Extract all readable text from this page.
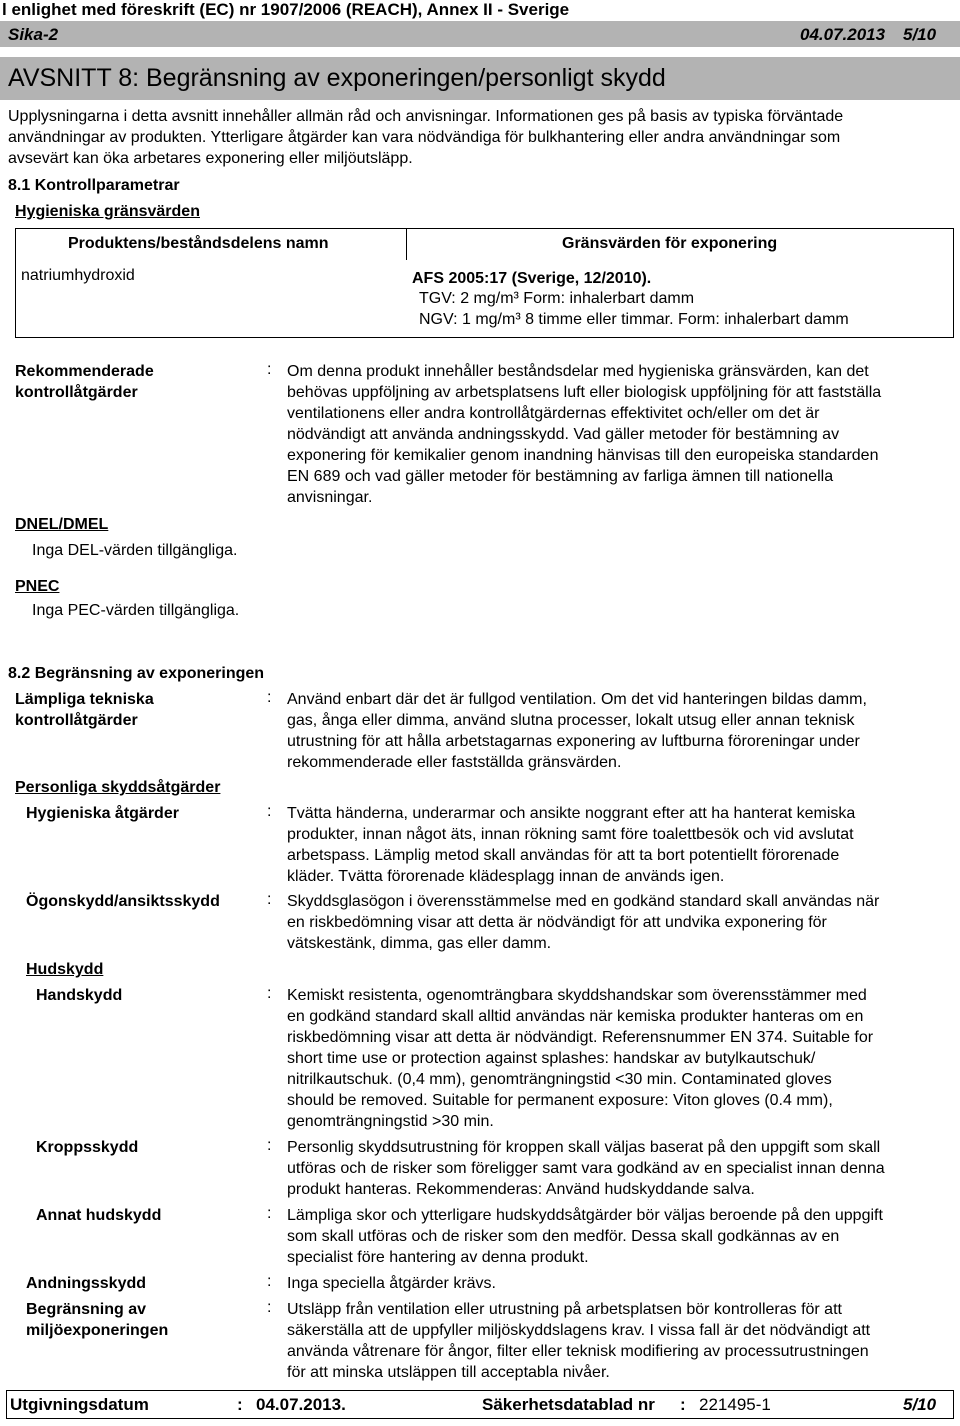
l enlighet med föreskrift (EC) nr 1907/2006 (REACH), Annex II - Sverige
Sika-2	04.07.2013 5/10
AVSNITT 8: Begränsning av exponeringen/personligt skydd
Upplysningarna i detta avsnitt innehåller allmän råd och anvisningar. Informationen ges på basis av typiska förväntade
användningar av produkten. Ytterligare åtgärder kan vara nödvändiga för bulkhantering eller andra användningar som
avsevärt kan öka arbetares exponering eller miljöutsläpp.
8.1 Kontrollparametrar
Hygieniska gränsvärden
Produktens/beståndsdelens namn	Gränsvärden för exponering
natriumhydroxid	AFS 2005:17 (Sverige, 12/2010).
TGV: 2 mg/m³ Form: inhalerbart damm
NGV: 1 mg/m³ 8 timme eller timmar. Form: inhalerbart damm
Rekommenderade
kontrollåtgärder
: Om denna produkt innehåller beståndsdelar med hygieniska gränsvärden, kan det
behövas uppföljning av arbetsplatsens luft eller biologisk uppföljning för att fastställa
ventilationens eller andra kontrollåtgärdernas effektivitet och/eller om det är
nödvändigt att använda andningsskydd. Vad gäller metoder för bestämning av
exponering för kemikalier genom inandning hänvisas till den europeiska standarden
EN 689 och vad gäller metoder för bestämning av farliga ämnen till nationella
anvisningar.
DNEL/DMEL
Inga DEL-värden tillgängliga.
PNEC
Inga PEC-värden tillgängliga.
8.2 Begränsning av exponeringen
Lämpliga tekniska
kontrollåtgärder
: Använd enbart där det är fullgod ventilation. Om det vid hanteringen bildas damm,
gas, ånga eller dimma, använd slutna processer, lokalt utsug eller annan teknisk
utrustning för att hålla arbetstagarnas exponering av luftburna föroreningar under
rekommenderade eller fastställda gränsvärden.
Personliga skyddsåtgärder
Hygieniska åtgärder	: Tvätta händerna, underarmar och ansikte noggrant efter att ha hanterat kemiska
produkter, innan något äts, innan rökning samt före toalettbesök och vid avslutat
arbetspass. Lämplig metod skall användas för att ta bort potentiellt förorenade
kläder. Tvätta förorenade klädesplagg innan de används igen.
Ögonskydd/ansiktsskydd	: Skyddsglasögon i överensstämmelse med en godkänd standard skall användas när
en riskbedömning visar att detta är nödvändigt för att undvika exponering för
vätskestänk, dimma, gas eller damm.
Hudskydd
Handskydd	: Kemiskt resistenta, ogenomträngbara skyddshandskar som överensstämmer med
en godkänd standard skall alltid användas när kemiska produkter hanteras om en
riskbedömning visar att detta är nödvändigt. Referensnummer EN 374. Suitable for
short time use or protection against splashes: handskar av butylkautschuk/
nitrilkautschuk. (0,4 mm), genomträngningstid <30 min. Contaminated gloves
should be removed. Suitable for permanent exposure: Viton gloves (0.4 mm),
genomträngningstid >30 min.
Kroppsskydd	: Personlig skyddsutrustning för kroppen skall väljas baserat på den uppgift som skall
utföras och de risker som föreligger samt vara godkänd av en specialist innan denna
produkt hanteras. Rekommenderas: Använd hudskyddande salva.
Annat hudskydd	: Lämpliga skor och ytterligare hudskyddsåtgärder bör väljas beroende på den uppgift
som skall utföras och de risker som den medför. Dessa skall godkännas av en
specialist före hantering av denna produkt.
Andningsskydd	: Inga speciella åtgärder krävs.
Begränsning av
miljöexponeringen
: Utsläpp från ventilation eller utrustning på arbetsplatsen bör kontrolleras för att
säkerställa att de uppfyller miljöskyddslagens krav. I vissa fall är det nödvändigt att
använda våtrenare för ångor, filter eller teknisk modifiering av processutrustningen
för att minska utsläppen till acceptabla nivåer.
Utgivningsdatum	: 04.07.2013.	Säkerhetsdatablad nr : 221495-1	5/10
